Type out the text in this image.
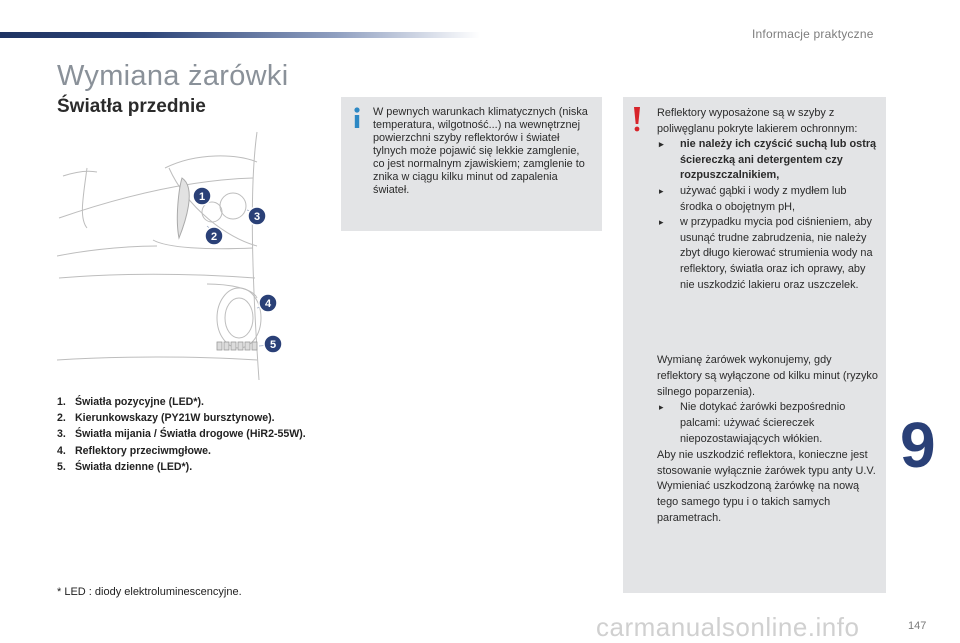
Informacje praktyczne
Wymiana żarówki
Światła przednie
1
2
3
4
5
1. Światła pozycyjne (LED*).
2. Kierunkowskazy (PY21W bursztynowe).
3. Światła mijania / Światła drogowe (HiR2-55W).
4. Reflektory przeciwmgłowe.
5. Światła dzienne (LED*).
* LED : diody elektroluminescencyjne.
W pewnych warunkach klimatycznych (niska temperatura, wilgotność...) na wewnętrznej powierzchni szyby reflektorów i świateł tylnych może pojawić się lekkie zamglenie, co jest normalnym zjawiskiem; zamglenie to znika w ciągu kilku minut od zapalenia świateł.
Reflektory wyposażone są w szyby z poliwęglanu pokryte lakierem ochronnym:
▸ nie należy ich czyścić suchą lub ostrą ściereczką ani detergentem czy rozpuszczalnikiem,
▸ używać gąbki i wody z mydłem lub środka o obojętnym pH,
▸ w przypadku mycia pod ciśnieniem, aby usunąć trudne zabrudzenia, nie należy zbyt długo kierować strumienia wody na reflektory, światła oraz ich oprawy, aby nie uszkodzić lakieru oraz uszczelek.
Wymianę żarówek wykonujemy, gdy reflektory są wyłączone od kilku minut (ryzyko silnego poparzenia).
▸ Nie dotykać żarówki bezpośrednio palcami: używać ściereczek niepozostawiających włókien.
Aby nie uszkodzić reflektora, konieczne jest stosowanie wyłącznie żarówek typu anty U.V.
Wymieniać uszkodzoną żarówkę na nową tego samego typu i o takich samych parametrach.
9
carmanualsonline.info	147
